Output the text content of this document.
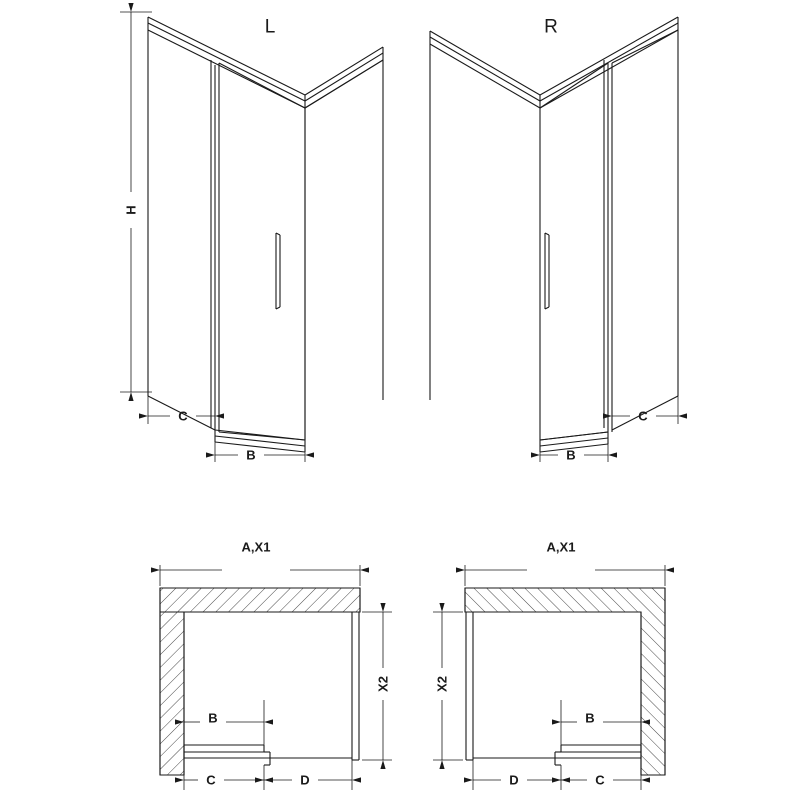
L	R
H
C
B	B
C
A,X1
X2
B
C	D
A,X1
X2
B
D	C
